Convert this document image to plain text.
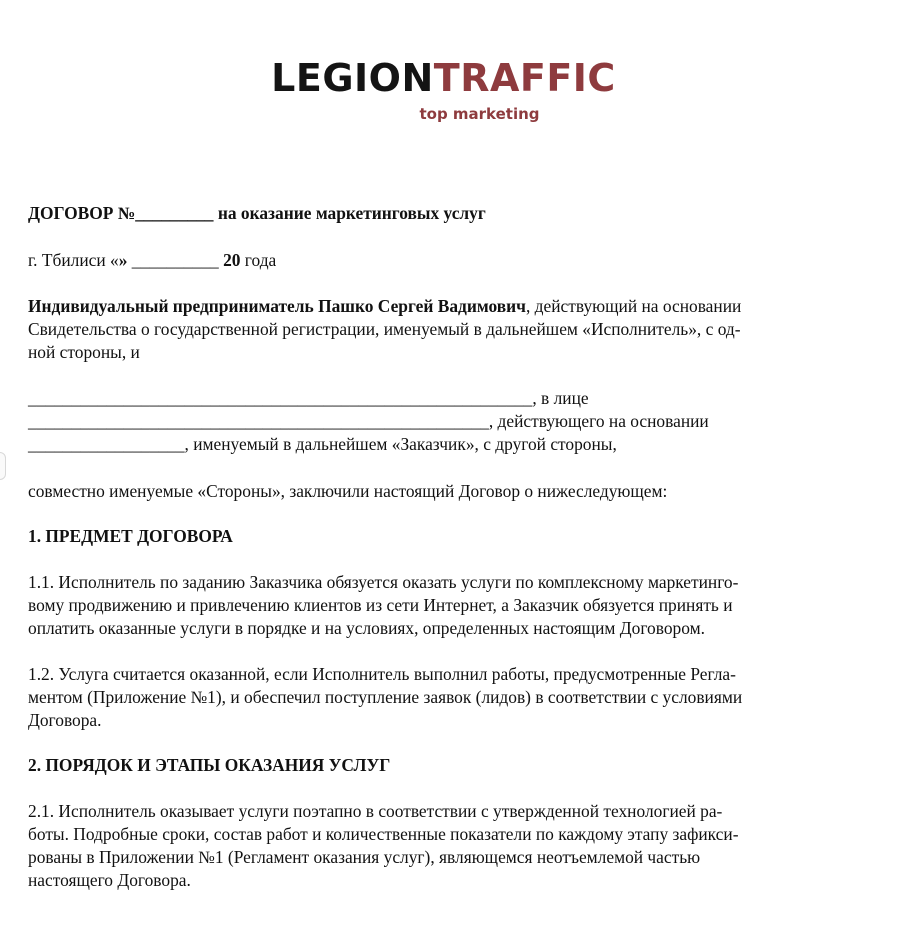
LEGIONTRAFFIC
top marketing

ДОГОВОР №_________ на оказание маркетинговых услуг

г. Тбилиси «» __________ 20 года

Индивидуальный предприниматель Пашко Сергей Вадимович, действующий на основании

Свидетельства о государственной регистрации, именуемый в дальнейшем «Исполнитель», с од-

ной стороны, и

__________________________________________________________, в лице

_____________________________________________________, действующего на основании

__________________, именуемый в дальнейшем «Заказчик», с другой стороны,

совместно именуемые «Стороны», заключили настоящий Договор о нижеследующем:

1. ПРЕДМЕТ ДОГОВОРА

1.1. Исполнитель по заданию Заказчика обязуется оказать услуги по комплексному маркетинго-

вому продвижению и привлечению клиентов из сети Интернет, а Заказчик обязуется принять и

оплатить оказанные услуги в порядке и на условиях, определенных настоящим Договором.

1.2. Услуга считается оказанной, если Исполнитель выполнил работы, предусмотренные Регла-

ментом (Приложение №1), и обеспечил поступление заявок (лидов) в соответствии с условиями

Договора.

2. ПОРЯДОК И ЭТАПЫ ОКАЗАНИЯ УСЛУГ

2.1. Исполнитель оказывает услуги поэтапно в соответствии с утвержденной технологией ра-

боты. Подробные сроки, состав работ и количественные показатели по каждому этапу зафикси-

рованы в Приложении №1 (Регламент оказания услуг), являющемся неотъемлемой частью

настоящего Договора.
